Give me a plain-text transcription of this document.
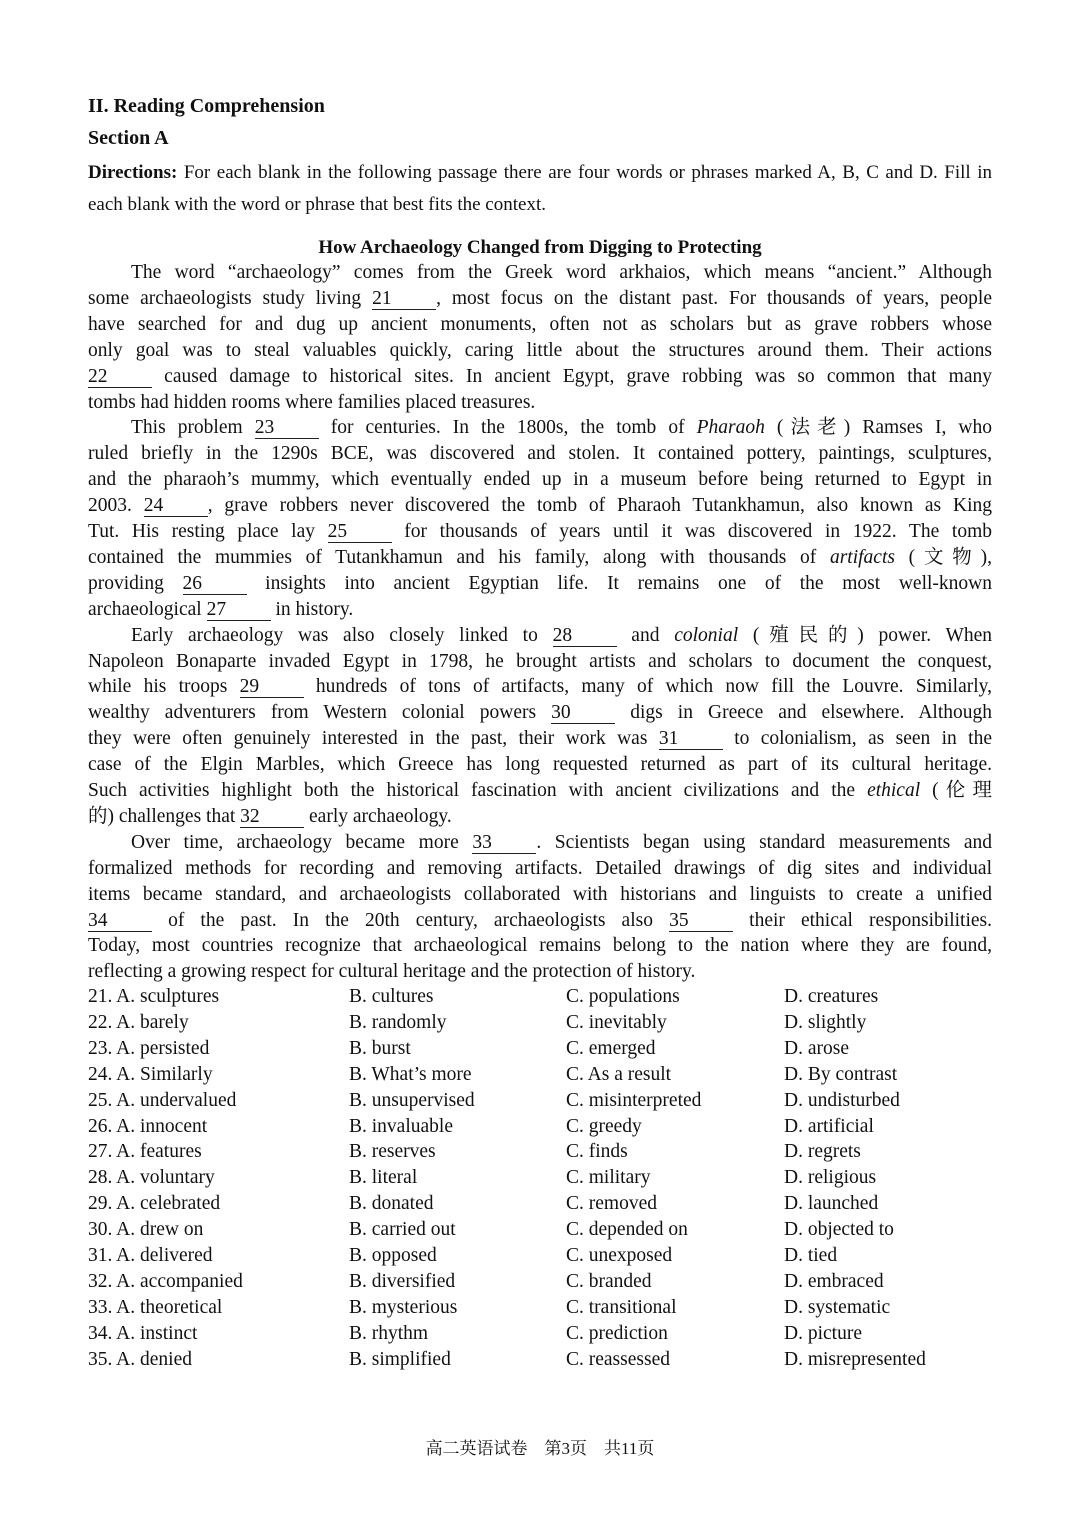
II. Reading Comprehension
Section A
Directions: For each blank in the following passage there are four words or phrases marked A, B, C and D. Fill in each blank with the word or phrase that best fits the context.
How Archaeology Changed from Digging to Protecting
The word “archaeology” comes from the Greek word arkhaios, which means “ancient.” Although
some archaeologists study living 21 , most focus on the distant past. For thousands of years, people
have searched for and dug up ancient monuments, often not as scholars but as grave robbers whose
only goal was to steal valuables quickly, caring little about the structures around them. Their actions
22 caused damage to historical sites. In ancient Egypt, grave robbing was so common that many
tombs had hidden rooms where families placed treasures.
This problem 23 for centuries. In the 1800s, the tomb of Pharaoh (法老) Ramses I, who
ruled briefly in the 1290s BCE, was discovered and stolen. It contained pottery, paintings, sculptures,
and the pharaoh’s mummy, which eventually ended up in a museum before being returned to Egypt in
2003. 24 , grave robbers never discovered the tomb of Pharaoh Tutankhamun, also known as King
Tut. His resting place lay 25 for thousands of years until it was discovered in 1922. The tomb
contained the mummies of Tutankhamun and his family, along with thousands of artifacts (文物),
providing 26 insights into ancient Egyptian life. It remains one of the most well-known
archaeological 27 in history.
Early archaeology was also closely linked to 28 and colonial (殖民的) power. When
Napoleon Bonaparte invaded Egypt in 1798, he brought artists and scholars to document the conquest,
while his troops 29 hundreds of tons of artifacts, many of which now fill the Louvre. Similarly,
wealthy adventurers from Western colonial powers 30 digs in Greece and elsewhere. Although
they were often genuinely interested in the past, their work was 31 to colonialism, as seen in the
case of the Elgin Marbles, which Greece has long requested returned as part of its cultural heritage.
Such activities highlight both the historical fascination with ancient civilizations and the ethical (伦理
的) challenges that 32 early archaeology.
Over time, archaeology became more 33 . Scientists began using standard measurements and
formalized methods for recording and removing artifacts. Detailed drawings of dig sites and individual
items became standard, and archaeologists collaborated with historians and linguists to create a unified
34 of the past. In the 20th century, archaeologists also 35 their ethical responsibilities.
Today, most countries recognize that archaeological remains belong to the nation where they are found,
reflecting a growing respect for cultural heritage and the protection of history.
21. A. sculptures	B. cultures	C. populations	D. creatures
22. A. barely	B. randomly	C. inevitably	D. slightly
23. A. persisted	B. burst	C. emerged	D. arose
24. A. Similarly	B. What’s more	C. As a result	D. By contrast
25. A. undervalued	B. unsupervised	C. misinterpreted	D. undisturbed
26. A. innocent	B. invaluable	C. greedy	D. artificial
27. A. features	B. reserves	C. finds	D. regrets
28. A. voluntary	B. literal	C. military	D. religious
29. A. celebrated	B. donated	C. removed	D. launched
30. A. drew on	B. carried out	C. depended on	D. objected to
31. A. delivered	B. opposed	C. unexposed	D. tied
32. A. accompanied	B. diversified	C. branded	D. embraced
33. A. theoretical	B. mysterious	C. transitional	D. systematic
34. A. instinct	B. rhythm	C. prediction	D. picture
35. A. denied	B. simplified	C. reassessed	D. misrepresented
高二英语试卷　第3页　共11页
